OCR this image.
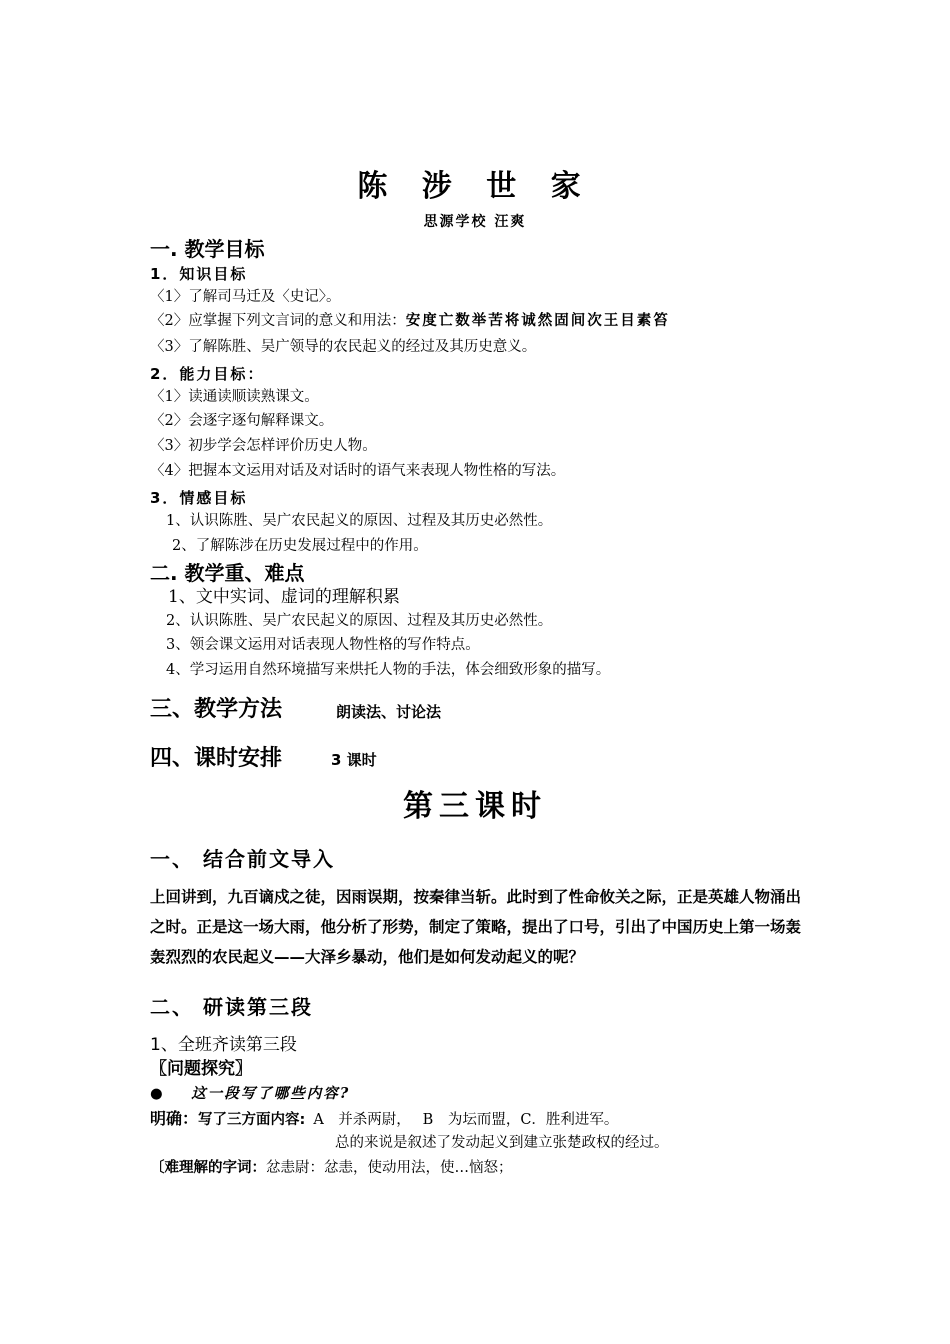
陈 涉 世 家
思源学校 汪爽
一. 教学目标
1．知识目标
〈1〉了解司马迁及〈史记〉。
〈2〉应掌握下列文言词的意义和用法：安度亡数举苦将诚然固间次王目素笞
〈3〉了解陈胜、吴广领导的农民起义的经过及其历史意义。
2．能力目标：
〈1〉读通读顺读熟课文。
〈2〉会逐字逐句解释课文。
〈3〉初步学会怎样评价历史人物。
〈4〉把握本文运用对话及对话时的语气来表现人物性格的写法。
3．情感目标
1、认识陈胜、吴广农民起义的原因、过程及其历史必然性。
2、了解陈涉在历史发展过程中的作用。
二. 教学重、难点
1、文中实词、虚词的理解积累
2、认识陈胜、吴广农民起义的原因、过程及其历史必然性。
3、领会课文运用对话表现人物性格的写作特点。
4、学习运用自然环境描写来烘托人物的手法，体会细致形象的描写。
三、教学方法	朗读法、讨论法
四、课时安排	3 课时
第三课时
一、 结合前文导入
上回讲到，九百谪戍之徒，因雨误期，按秦律当斩。此时到了性命攸关之际，正是英雄人物涌出之时。正是这一场大雨，他分析了形势，制定了策略，提出了口号，引出了中国历史上第一场轰轰烈烈的农民起义——大泽乡暴动，他们是如何发动起义的呢？
二、 研读第三段
1、全班齐读第三段
〖问题探究〗
● 这一段写了哪些内容?
明确：写了三方面内容: A　并杀两尉，　 B　为坛而盟，C．胜利进军。
总的来说是叙述了发动起义到建立张楚政权的经过。
〔难理解的字词：忿恚尉：忿恚，使动用法，使…恼怒；
